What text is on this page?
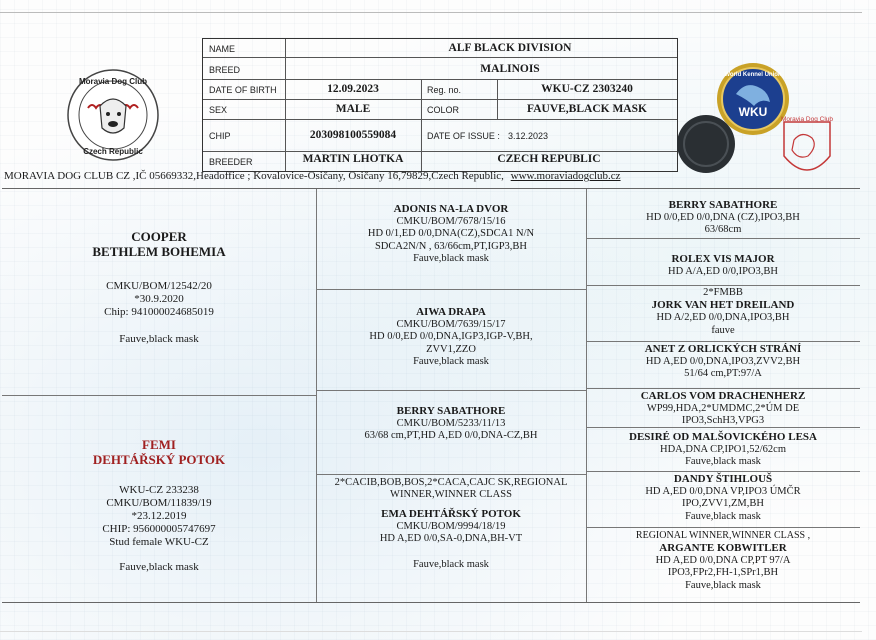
Moravia Dog Club
Czech Republic
NAME	ALF BLACK DIVISION
BREED	MALINOIS
DATE OF BIRTH	12.09.2023	Reg. no.	WKU-CZ 2303240
SEX	MALE	COLOR	FAUVE,BLACK MASK
CHIP	203098100559084	DATE OF ISSUE : 3.12.2023
BREEDER	MARTIN LHOTKA	CZECH REPUBLIC
World Kennel Union
WKU
Moravia Dog Club
MORAVIA DOG CLUB CZ ,IČ 05669332,Headoffice ; Kovalovice-Osičany, Osičany 16,79829,Czech Republic, www.moraviadogclub.cz
COOPER
BETHLEM BOHEMIA
CMKU/BOM/12542/20
*30.9.2020
Chip: 941000024685019
Fauve,black mask
FEMI
DEHTÁŘSKÝ POTOK
WKU-CZ 233238
CMKU/BOM/11839/19
*23.12.2019
CHIP: 956000005747697
Stud female WKU-CZ
Fauve,black mask
ADONIS NA-LA DVOR
CMKU/BOM/7678/15/16
HD 0/1,ED 0/0,DNA(CZ),SDCA1 N/N
SDCA2N/N , 63/66cm,PT,IGP3,BH
Fauve,black mask
AIWA DRAPA
CMKU/BOM/7639/15/17
HD 0/0,ED 0/0,DNA,IGP3,IGP-V,BH,
ZVV1,ZZO
Fauve,black mask
BERRY SABATHORE
CMKU/BOM/5233/11/13
63/68 cm,PT,HD A,ED 0/0,DNA-CZ,BH
2*CACIB,BOB,BOS,2*CACA,CAJC SK,REGIONAL
WINNER,WINNER CLASS
EMA DEHTÁŘSKÝ POTOK
CMKU/BOM/9994/18/19
HD A,ED 0/0,SA-0,DNA,BH-VT
Fauve,black mask
BERRY SABATHORE
HD 0/0,ED 0/0,DNA (CZ),IPO3,BH
63/68cm
ROLEX VIS MAJOR
HD A/A,ED 0/0,IPO3,BH
2*FMBB
JORK VAN HET DREILAND
HD A/2,ED 0/0,DNA,IPO3,BH
fauve
ANET Z ORLICKÝCH STRÁNÍ
HD A,ED 0/0,DNA,IPO3,ZVV2,BH
51/64 cm,PT:97/A
CARLOS VOM DRACHENHERZ
WP99,HDA,2*UMDMC,2*ÚM DE
IPO3,SchH3,VPG3
DESIRÉ OD MALŠOVICKÉHO LESA
HDA,DNA CP,IPO1,52/62cm
Fauve,black mask
DANDY ŠTIHLOUŠ
HD A,ED 0/0,DNA VP,IPO3 ÚMČR
IPO,ZVV1,ZM,BH
Fauve,black mask
REGIONAL WINNER,WINNER CLASS ,
ARGANTE KOBWITLER
HD A,ED 0/0,DNA CP,PT 97/A
IPO3,FPr2,FH-1,SPr1,BH
Fauve,black mask
